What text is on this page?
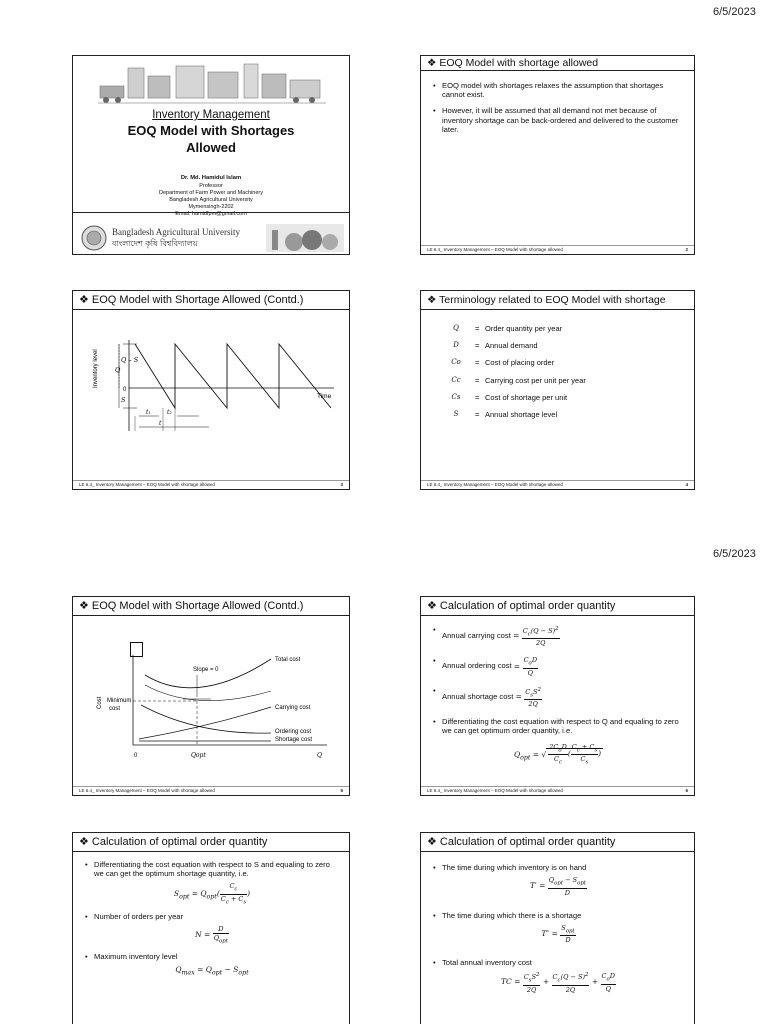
6/5/2023
6/5/2023
Inventory Management
EOQ Model with Shortages
Allowed
Dr. Md. Hamidul Islam
Professor
Department of Farm Power and Machinery
Bangladesh Agricultural University
Mymensingh-2202
Email: hamidfpm@gmail.com
Bangladesh Agricultural University
বাংলাদেশ কৃষি বিশ্ববিদ্যালয়
❖ EOQ Model with shortage allowed
• EOQ model with shortages relaxes the assumption that shortages cannot exist.
• However, it will be assumed that all demand not met because of inventory shortage can be back-ordered and delivered to the customer later.
LE 6.4_ Inventory Management – EOQ Model with shortage allowed	2
❖ EOQ Model with Shortage Allowed (Contd.)
Inventory level	Q – S
Q
0
S	Time
t₁	t₂
t
LE 6.4_ Inventory Management – EOQ Model with shortage allowed	3
❖ Terminology related to EOQ Model with shortage
Q	= Order quantity per year
D	= Annual demand
Co	= Cost of placing order
Cc	= Carrying cost per unit per year
Cs	= Cost of shortage per unit
S	= Annual shortage level
LE 6.4_ Inventory Management – EOQ Model with shortage allowed	4
❖ EOQ Model with Shortage Allowed (Contd.)
Cost
Slope = 0
Total cost
Minimum
cost	Carrying cost
Ordering cost
Shortage cost
0	Qopt	Q
LE 6.4_ Inventory Management – EOQ Model with shortage allowed	5
❖ Calculation of optimal order quantity
• Annual carrying $\cos t = \frac{C_c(Q - S)^2}{2Q}$
• Annual ordering $\cos t = \frac{C_oD}{Q}$
• Annual shortage $\cos t = \frac{C_sS^2}{2Q}$
• Differentiating the cost equation with respect to Q and equaling to zero we can get optimum order quantity, i.e.
$Q_{opt}$ = √ $\frac{2C_oD}{C_c}$ ( $\frac{C_c + C_s}{C_s}$ )
LE 6.4_ Inventory Management – EOQ Model with shortage allowed	6
❖ Calculation of optimal order quantity
• Differentiating the cost equation with respect to S and equaling to zero we can get the optimum shortage quantity, i.e.
$S_{opt} = Q_{opt}( \frac{C_c}{C_c + C_s}$ )
• Number of orders per year
$N = \frac{D}{Q_{opt}}$
• Maximum inventory level
$Q_{max} = Q_{opt} - S_{opt}$
❖ Calculation of optimal order quantity
• The time during which inventory is on hand
$T' = \frac{Q_{opt} - S_{opt}}{D}$
• The time during which there is a shortage
$T'' = \frac{S_{opt}}{D}$
• Total annual inventory cost
TC = $\frac{C_sS^2}{2Q} + \frac{C_c(Q - S)^2}{2Q} + \frac{C_oD}{Q}$
